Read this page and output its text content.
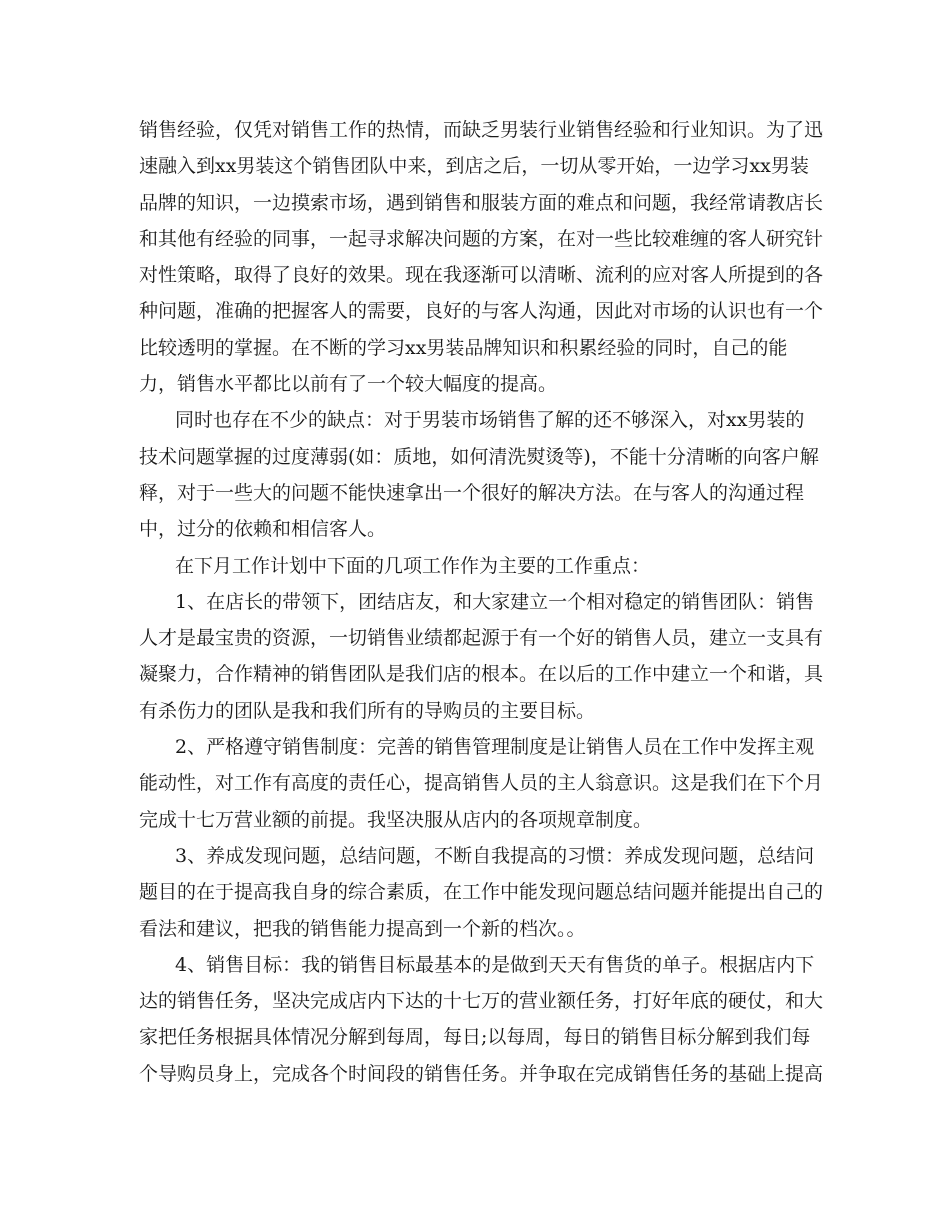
销售经验，仅凭对销售工作的热情，而缺乏男装行业销售经验和行业知识。为了迅
速融入到xx男装这个销售团队中来，到店之后，一切从零开始，一边学习xx男装
品牌的知识，一边摸索市场，遇到销售和服装方面的难点和问题，我经常请教店长
和其他有经验的同事，一起寻求解决问题的方案，在对一些比较难缠的客人研究针
对性策略，取得了良好的效果。现在我逐渐可以清晰、流利的应对客人所提到的各
种问题，准确的把握客人的需要，良好的与客人沟通，因此对市场的认识也有一个
比较透明的掌握。在不断的学习xx男装品牌知识和积累经验的同时，自己的能
力，销售水平都比以前有了一个较大幅度的提高。
同时也存在不少的缺点：对于男装市场销售了解的还不够深入，对xx男装的
技术问题掌握的过度薄弱(如：质地，如何清洗熨烫等)，不能十分清晰的向客户解
释，对于一些大的问题不能快速拿出一个很好的解决方法。在与客人的沟通过程
中，过分的依赖和相信客人。
在下月工作计划中下面的几项工作作为主要的工作重点：
1、在店长的带领下，团结店友，和大家建立一个相对稳定的销售团队：销售
人才是最宝贵的资源，一切销售业绩都起源于有一个好的销售人员，建立一支具有
凝聚力，合作精神的销售团队是我们店的根本。在以后的工作中建立一个和谐，具
有杀伤力的团队是我和我们所有的导购员的主要目标。
2、严格遵守销售制度：完善的销售管理制度是让销售人员在工作中发挥主观
能动性，对工作有高度的责任心，提高销售人员的主人翁意识。这是我们在下个月
完成十七万营业额的前提。我坚决服从店内的各项规章制度。
3、养成发现问题，总结问题，不断自我提高的习惯：养成发现问题，总结问
题目的在于提高我自身的综合素质，在工作中能发现问题总结问题并能提出自己的
看法和建议，把我的销售能力提高到一个新的档次。。
4、销售目标：我的销售目标最基本的是做到天天有售货的单子。根据店内下
达的销售任务，坚决完成店内下达的十七万的营业额任务，打好年底的硬仗，和大
家把任务根据具体情况分解到每周，每日;以每周，每日的销售目标分解到我们每
个导购员身上，完成各个时间段的销售任务。并争取在完成销售任务的基础上提高
